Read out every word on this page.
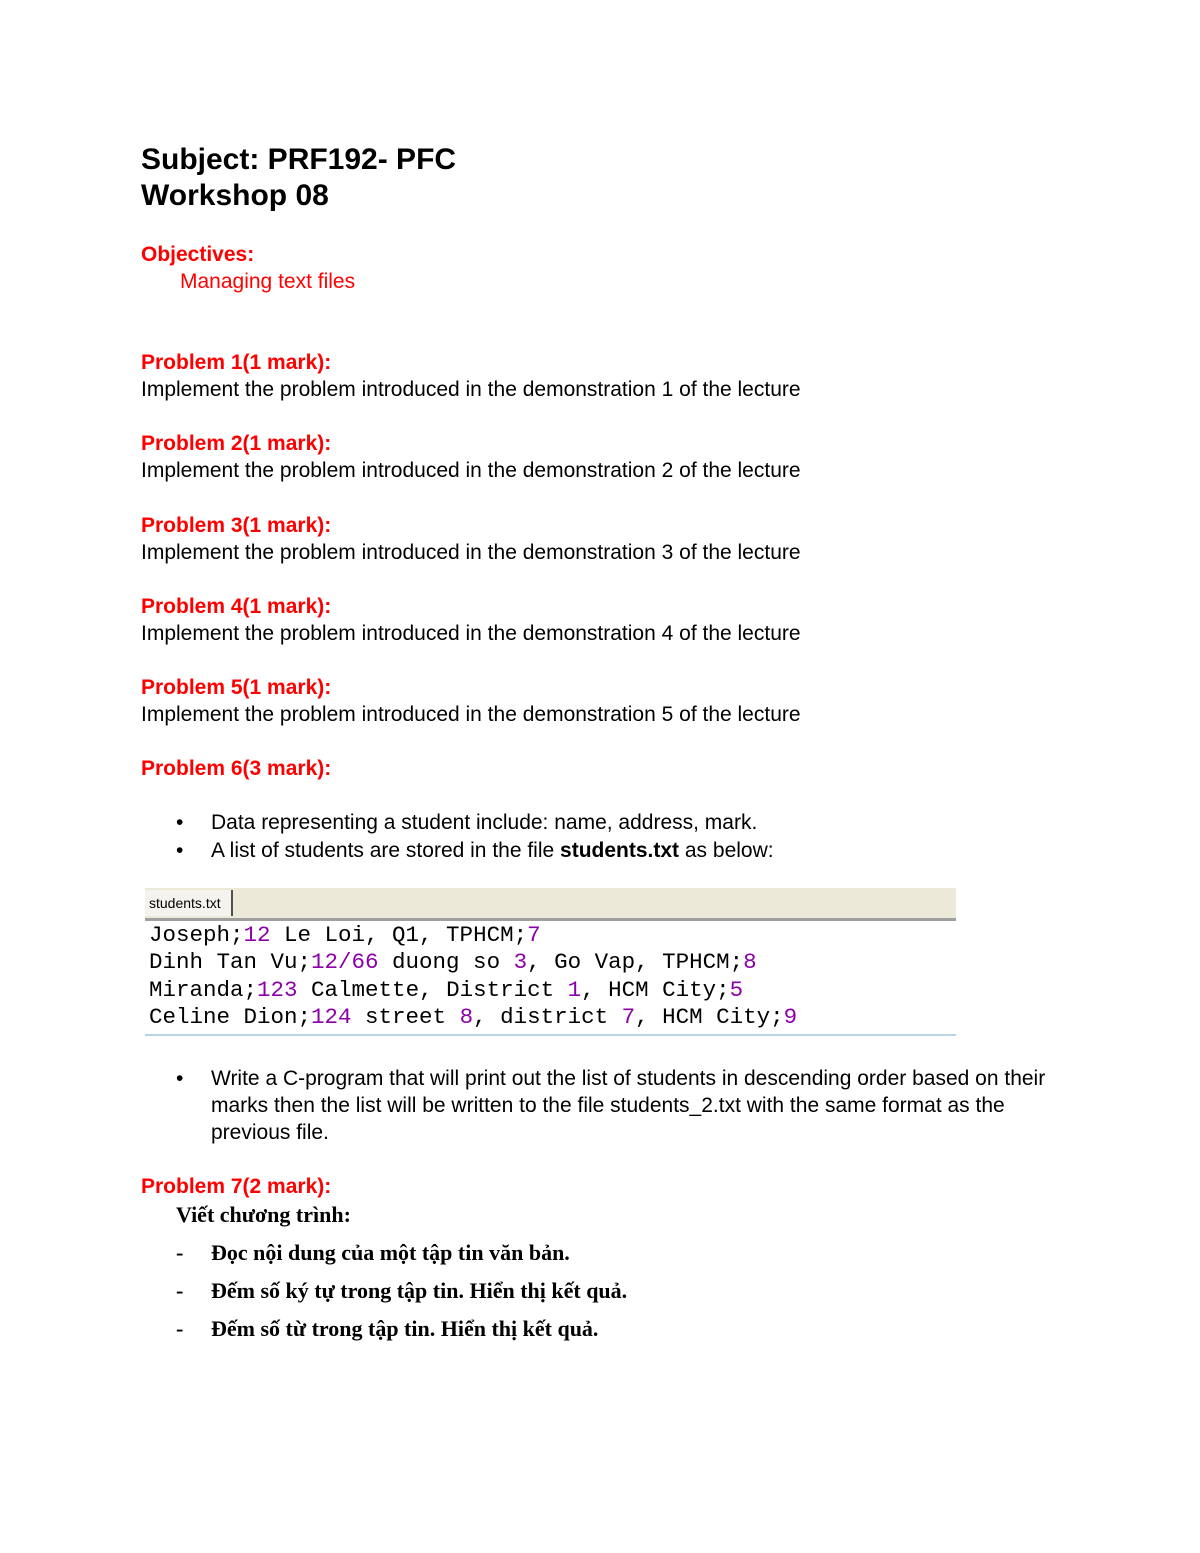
Subject: PRF192- PFC
Workshop 08
Objectives:
Managing text files
Problem 1(1 mark):
Implement the problem introduced in the demonstration 1 of the lecture
Problem 2(1 mark):
Implement the problem introduced in the demonstration 2 of the lecture
Problem 3(1 mark):
Implement the problem introduced in the demonstration 3 of the lecture
Problem 4(1 mark):
Implement the problem introduced in the demonstration 4 of the lecture
Problem 5(1 mark):
Implement the problem introduced in the demonstration 5 of the lecture
Problem 6(3 mark):
• Data representing a student include: name, address, mark.
• A list of students are stored in the file students.txt as below:
students.txt
Joseph;12 Le Loi, Q1, TPHCM;7
Dinh Tan Vu;12/66 duong so 3, Go Vap, TPHCM;8
Miranda;123 Calmette, District 1, HCM City;5
Celine Dion;124 street 8, district 7, HCM City;9
• Write a C-program that will print out the list of students in descending order based on their marks then the list will be written to the file students_2.txt with the same format as the previous file.
Problem 7(2 mark):
Viết chương trình:
- Đọc nội dung của một tập tin văn bản.
- Đếm số ký tự trong tập tin. Hiển thị kết quả.
- Đếm số từ trong tập tin. Hiển thị kết quả.
